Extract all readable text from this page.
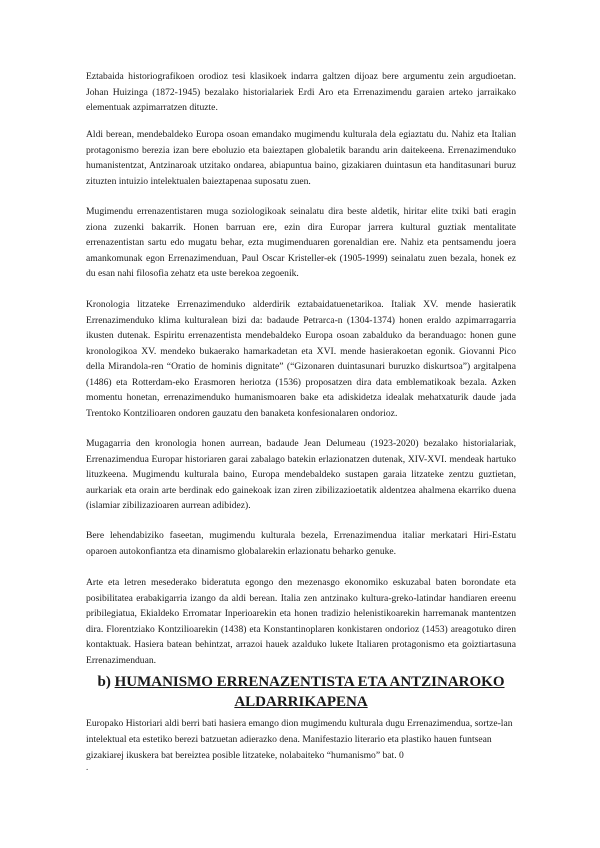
Eztabaida historiografikoen orodioz tesi klasikoek indarra galtzen dijoaz bere argumentu zein argudioetan. Johan Huizinga (1872-1945) bezalako historialariek Erdi Aro eta Errenazimendu garaien arteko jarraikako elementuak azpimarratzen dituzte.

Aldi berean, mendebaldeko Europa osoan emandako mugimendu kulturala dela egiaztatu du. Nahiz eta Italian protagonismo berezia izan bere eboluzio eta baieztapen globaletik barandu arin daitekeena. Errenazimenduko humanistentzat, Antzinaroak utzitako ondarea, abiapuntua baino, gizakiaren duintasun eta handitasunari buruz zituzten intuizio intelektualen baieztapenaa suposatu zuen.

Mugimendu errenazentistaren muga soziologikoak seinalatu dira beste aldetik, hiritar elite txiki bati eragin ziona zuzenki bakarrik. Honen barruan ere, ezin dira Europar jarrera kultural guztiak mentalitate errenazentistan sartu edo mugatu behar, ezta mugimenduaren gorenaldian ere. Nahiz eta pentsamendu joera amankomunak egon Errenazimenduan, Paul Oscar Kristeller-ek (1905-1999) seinalatu zuen bezala, honek ez du esan nahi filosofia zehatz eta uste berekoa zegoenik.

Kronologia litzateke Errenazimenduko alderdirik eztabaidatuenetarikoa. Italiak XV. mende hasieratik Errenazimenduko klima kulturalean bizi da: badaude Petrarca-n (1304-1374) honen eraldo azpimarragarria ikusten dutenak. Espiritu errenazentista mendebaldeko Europa osoan zabalduko da beranduago: honen gune kronologikoa XV. mendeko bukaerako hamarkadetan eta XVI. mende hasierakoetan egonik. Giovanni Pico della Mirandola-ren “Oratio de hominis dignitate” (“Gizonaren duintasunari buruzko diskurtsoa”) argitalpena (1486) eta Rotterdam-eko Erasmoren heriotza (1536) proposatzen dira data emblematikoak bezala. Azken momentu honetan, errenazimenduko humanismoaren bake eta adiskidetza idealak mehatxaturik daude jada Trentoko Kontzilioaren ondoren gauzatu den banaketa konfesionalaren ondorioz.

Mugagarria den kronologia honen aurrean, badaude Jean Delumeau (1923-2020) bezalako historialariak, Errenazimendua Europar historiaren garai zabalago batekin erlazionatzen dutenak, XIV-XVI. mendeak hartuko lituzkeena. Mugimendu kulturala baino, Europa mendebaldeko sustapen garaia litzateke zentzu guztietan, aurkariak eta orain arte berdinak edo gainekoak izan ziren zibilizazioetatik aldentzea ahalmena ekarriko duena (islamiar zibilizazioaren aurrean adibidez).

Bere lehendabiziko faseetan, mugimendu kulturala bezela, Errenazimendua italiar merkatari Hiri-Estatu oparoen autokonfiantza eta dinamismo globalarekin erlazionatu beharko genuke.

Arte eta letren mesederako bideratuta egongo den mezenasgo ekonomiko eskuzabal baten borondate eta posibilitatea erabakigarria izango da aldi berean. Italia zen antzinako kultura-greko-latindar handiaren ereenu pribilegiatua, Ekialdeko Erromatar Inperioarekin eta honen tradizio helenistikoarekin harremanak mantentzen dira. Florentziako Kontzilioarekin (1438) eta Konstantinoplaren konkistaren ondorioz (1453) areagotuko diren kontaktuak. Hasiera batean behintzat, arrazoi hauek azalduko lukete Italiaren protagonismo eta goiztiartasuna Errenazimenduan.

b) HUMANISMO ERRENAZENTISTA ETA ANTZINAROKO
ALDARRIKAPENA

Europako Historiari aldi berri bati hasiera emango dion mugimendu kulturala dugu Errenazimendua, sortze-lan intelektual eta estetiko berezi batzuetan adierazko dena. Manifestazio literario eta plastiko hauen funtsean gizakiarej ikuskera bat bereiztea posible litzateke, nolabaiteko “humanismo” bat. 0

.
